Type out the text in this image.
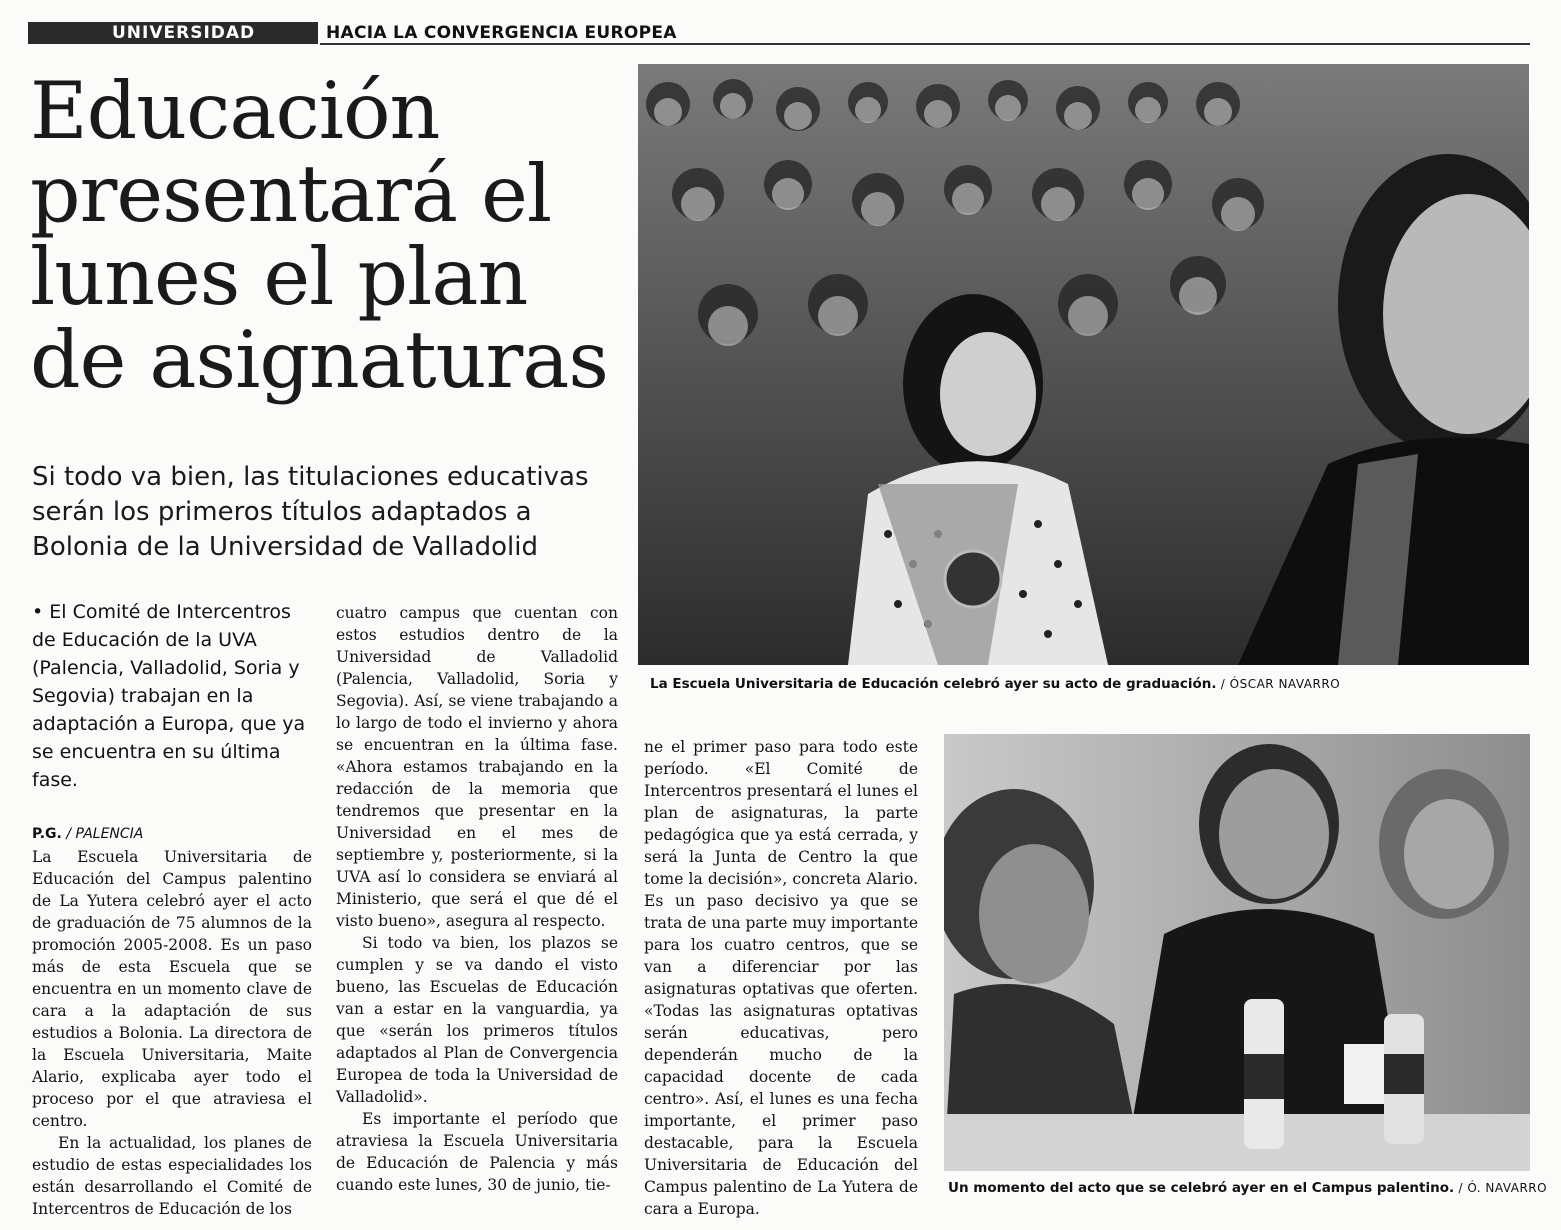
UNIVERSIDAD	HACIA LA CONVERGENCIA EUROPEA
Educación presentará el lunes el plan de asignaturas
Si todo va bien, las titulaciones educativas serán los primeros títulos adaptados a Bolonia de la Universidad de Valladolid
• El Comité de Intercentros de Educación de la UVA (Palencia, Valladolid, Soria y Segovia) trabajan en la adaptación a Europa, que ya se encuentra en su última fase.
P.G. / PALENCIA

La Escuela Universitaria de Educación del Campus palentino de La Yutera celebró ayer el acto de graduación de 75 alumnos de la promoción 2005-2008. Es un paso más de esta Escuela que se encuentra en un momento clave de cara a la adaptación de sus estudios a Bolonia. La directora de la Escuela Universitaria, Maite Alario, explicaba ayer todo el proceso por el que atraviesa el centro.

En la actualidad, los planes de estudio de estas especialidades los están desarrollando el Comité de Intercentros de Educación de los

cuatro campus que cuentan con estos estudios dentro de la Universidad de Valladolid (Palencia, Valladolid, Soria y Segovia). Así, se viene trabajando a lo largo de todo el invierno y ahora se encuentran en la última fase. «Ahora estamos trabajando en la redacción de la memoria que tendremos que presentar en la Universidad en el mes de septiembre y, posteriormente, si la UVA así lo considera se enviará al Ministerio, que será el que dé el visto bueno», asegura al respecto.

Si todo va bien, los plazos se cumplen y se va dando el visto bueno, las Escuelas de Educación van a estar en la vanguardia, ya que «serán los primeros títulos adaptados al Plan de Convergencia Europea de toda la Universidad de Valladolid».

Es importante el período que atraviesa la Escuela Universitaria de Educación de Palencia y más cuando este lunes, 30 de junio, tie-

ne el primer paso para todo este período. «El Comité de Intercentros presentará el lunes el plan de asignaturas, la parte pedagógica que ya está cerrada, y será la Junta de Centro la que tome la decisión», concreta Alario. Es un paso decisivo ya que se trata de una parte muy importante para los cuatro centros, que se van a diferenciar por las asignaturas optativas que oferten. «Todas las asignaturas optativas serán educativas, pero dependerán mucho de la capacidad docente de cada centro». Así, el lunes es una fecha importante, el primer paso destacable, para la Escuela Universitaria de Educación del Campus palentino de La Yutera de cara a Europa.

La Escuela Universitaria de Educación celebró ayer su acto de graduación. / ÓSCAR NAVARRO
Un momento del acto que se celebró ayer en el Campus palentino. / Ó. NAVARRO
